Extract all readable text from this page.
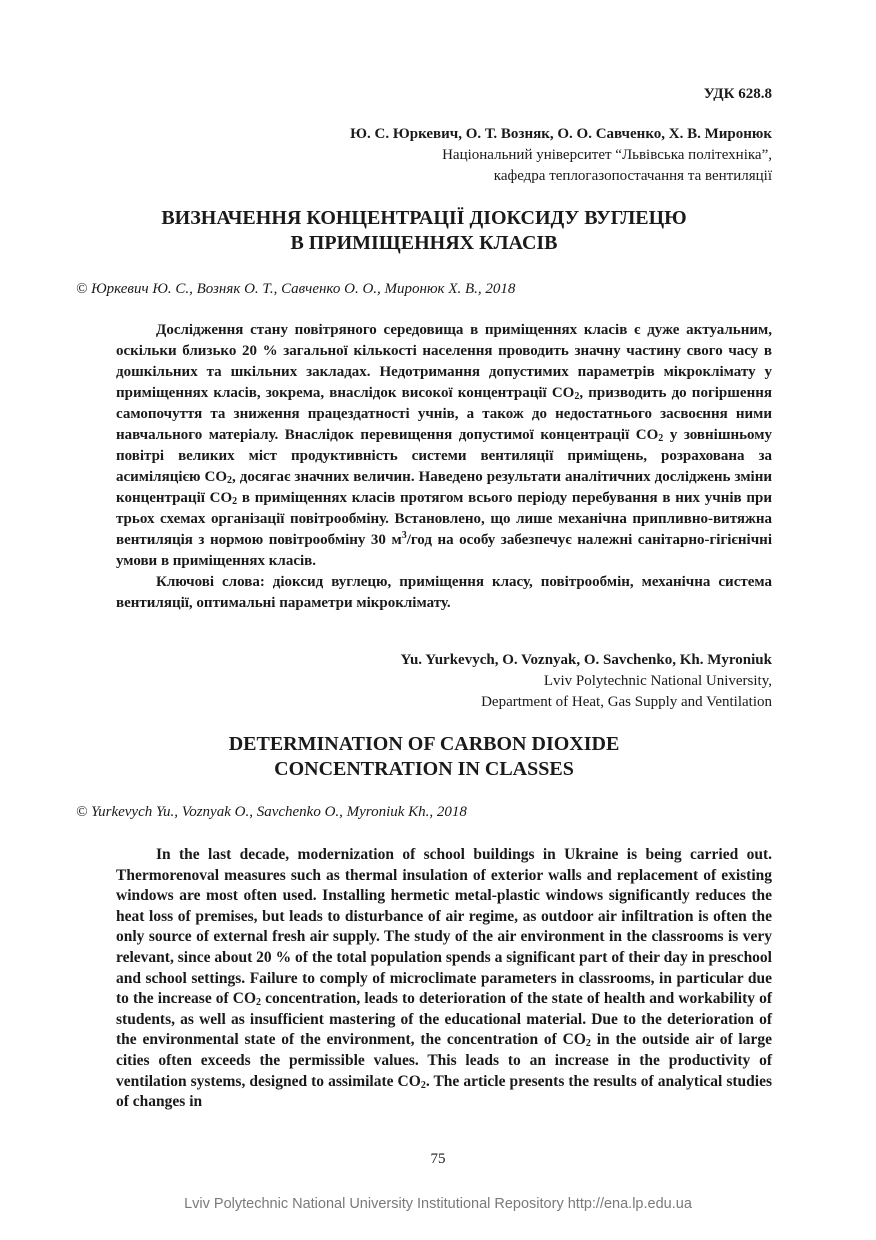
УДК 628.8
Ю. С. Юркевич, О. Т. Возняк, О. О. Савченко, Х. В. Миронюк
Національний університет “Львівська політехніка”,
кафедра теплогазопостачання та вентиляції
ВИЗНАЧЕННЯ КОНЦЕНТРАЦІЇ ДІОКСИДУ ВУГЛЕЦЮ
В ПРИМІЩЕННЯХ КЛАСІВ
© Юркевич Ю. С., Возняк О. Т., Савченко О. О., Миронюк Х. В., 2018

Дослідження стану повітряного середовища в приміщеннях класів є дуже актуальним, оскільки близько 20 % загальної кількості населення проводить значну частину свого часу в дошкільних та шкільних закладах. Недотримання допустимих параметрів мікроклімату у приміщеннях класів, зокрема, внаслідок високої концентрації $CO_2$, призводить до погіршення самопочуття та зниження працездатності учнів, а також до недостатнього засвоєння ними навчального матеріалу. Внаслідок перевищення допустимої концентрації $CO_2$ у зовнішньому повітрі великих міст продуктивність системи вентиляції приміщень, розрахована за асиміляцією $CO_2$, досягає значних величин. Наведено результати аналітичних досліджень зміни концентрації $CO_2$ в приміщеннях класів протягом всього періоду перебування в них учнів при трьох схемах організації повітрообміну. Встановлено, що лише механічна припливно-витяжна вентиляція з нормою повітрообміну 30 $м^3$/год на особу забезпечує належні санітарно-гігієнічні умови в приміщеннях класів.

Ключові слова: діоксид вуглецю, приміщення класу, повітрообмін, механічна система вентиляції, оптимальні параметри мікроклімату.

Yu. Yurkevych, O. Voznyak, O. Savchenko, Kh. Myroniuk
Lviv Polytechnic National University,
Department of Heat, Gas Supply and Ventilation
DETERMINATION OF CARBON DIOXIDE
CONCENTRATION IN CLASSES
© Yurkevych Yu., Voznyak O., Savchenko O., Myroniuk Kh., 2018

In the last decade, modernization of school buildings in Ukraine is being carried out. Thermorenoval measures such as thermal insulation of exterior walls and replacement of existing windows are most often used. Installing hermetic metal-plastic windows significantly reduces the heat loss of premises, but leads to disturbance of air regime, as outdoor air infiltration is often the only source of external fresh air supply. The study of the air environment in the classrooms is very relevant, since about 20 % of the total population spends a significant part of their day in preschool and school settings. Failure to comply of microclimate parameters in classrooms, in particular due to the increase of $CO_2$ concentration, leads to deterioration of the state of health and workability of students, as well as insufficient mastering of the educational material. Due to the deterioration of the environmental state of the environment, the concentration of $CO_2$ in the outside air of large cities often exceeds the permissible values. This leads to an increase in the productivity of ventilation systems, designed to assimilate $CO_2$. The article presents the results of analytical studies of changes in

75
Lviv Polytechnic National University Institutional Repository http://ena.lp.edu.ua
